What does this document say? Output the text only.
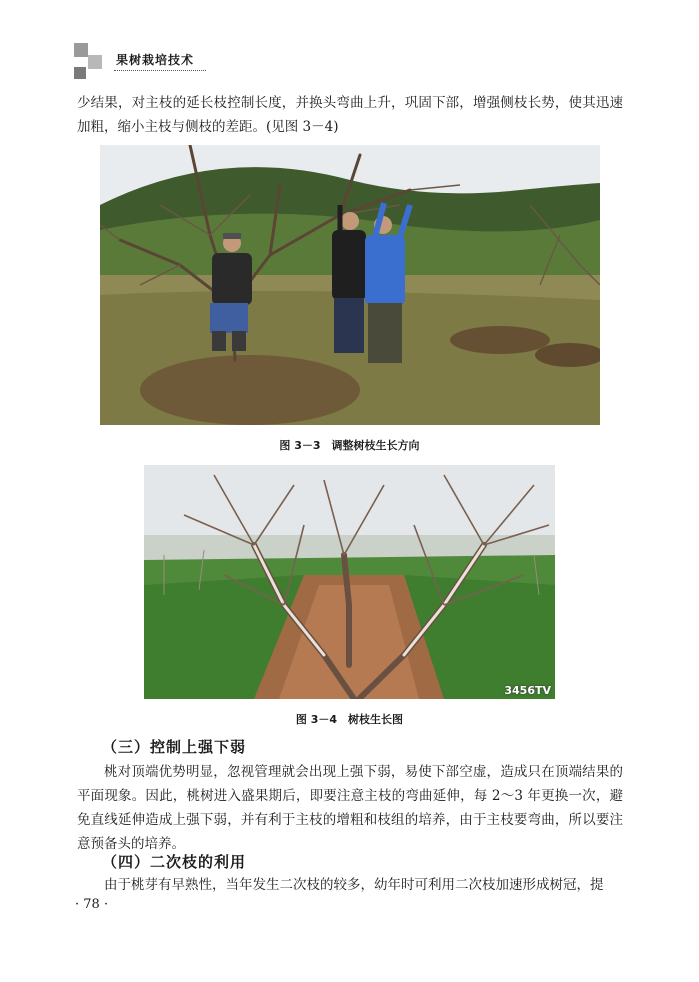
果树栽培技术

少结果，对主枝的延长枝控制长度，并换头弯曲上升，巩固下部，增强侧枝长势，使其迅速加粗，缩小主枝与侧枝的差距。(见图 3－4)

图 3－3　调整树枝生长方向
3456TV
图 3－4　树枝生长图
（三）控制上强下弱

桃对顶端优势明显，忽视管理就会出现上强下弱，易使下部空虚，造成只在顶端结果的平面现象。因此，桃树进入盛果期后，即要注意主枝的弯曲延伸，每 2～3 年更换一次，避免直线延伸造成上强下弱，并有利于主枝的增粗和枝组的培养，由于主枝要弯曲，所以要注意预备头的培养。

（四）二次枝的利用

由于桃芽有早熟性，当年发生二次枝的较多，幼年时可利用二次枝加速形成树冠，提

· 78 ·
